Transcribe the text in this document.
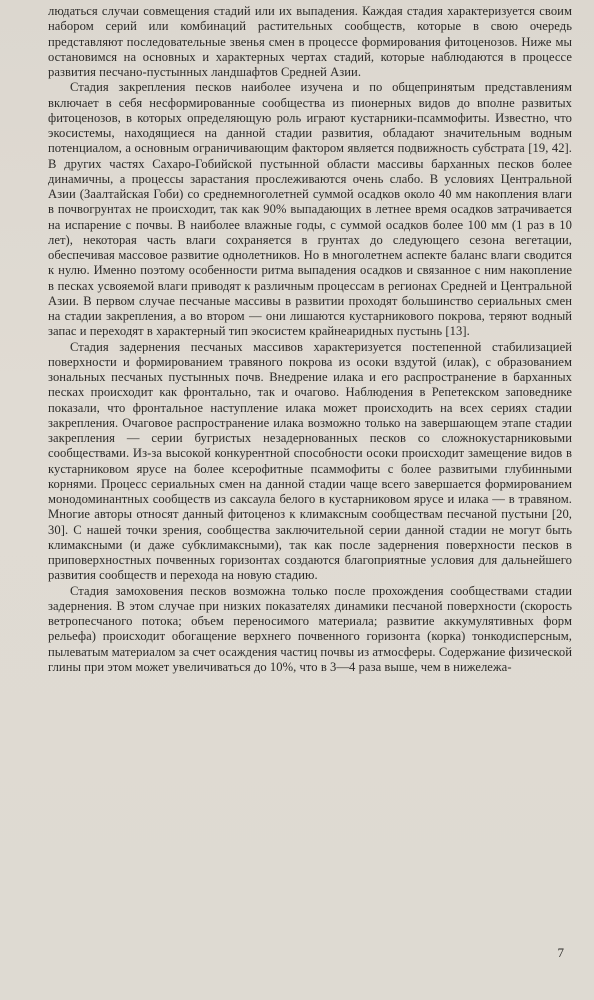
людаться случаи совмещения стадий или их выпадения. Каждая стадия характеризуется своим набором серий или комбинаций растительных сообществ, которые в свою очередь представляют последовательные звенья смен в процессе формирования фитоценозов. Ниже мы остановимся на основных и характерных чертах стадий, которые наблюдаются в процессе развития песчано-пустынных ландшафтов Средней Азии.

Стадия закрепления песков наиболее изучена и по общепринятым представлениям включает в себя несформированные сообщества из пионерных видов до вполне развитых фитоценозов, в которых определяющую роль играют кустарники-псаммофиты. Известно, что экосистемы, находящиеся на данной стадии развития, обладают значительным водным потенциалом, а основным ограничивающим фактором является подвижность субстрата [19, 42]. В других частях Сахаро-Гобийской пустынной области массивы барханных песков более динамичны, а процессы зарастания прослеживаются очень слабо. В условиях Центральной Азии (Заалтайская Гоби) со среднемноголетней суммой осадков около 40 мм накопления влаги в почвогрунтах не происходит, так как 90% выпадающих в летнее время осадков затрачивается на испарение с почвы. В наиболее влажные годы, с суммой осадков более 100 мм (1 раз в 10 лет), некоторая часть влаги сохраняется в грунтах до следующего сезона вегетации, обеспечивая массовое развитие однолетников. Но в многолетнем аспекте баланс влаги сводится к нулю. Именно поэтому особенности ритма выпадения осадков и связанное с ним накопление в песках усвояемой влаги приводят к различным процессам в регионах Средней и Центральной Азии. В первом случае песчаные массивы в развитии проходят большинство сериальных смен на стадии закрепления, а во втором — они лишаются кустарникового покрова, теряют водный запас и переходят в характерный тип экосистем крайнеаридных пустынь [13].

Стадия задернения песчаных массивов характеризуется постепенной стабилизацией поверхности и формированием травяного покрова из осоки вздутой (илак), с образованием зональных песчаных пустынных почв. Внедрение илака и его распространение в барханных песках происходит как фронтально, так и очагово. Наблюдения в Репетекском заповеднике показали, что фронтальное наступление илака может происходить на всех сериях стадии закрепления. Очаговое распространение илака возможно только на завершающем этапе стадии закрепления — серии бугристых незадернованных песков со сложнокустарниковыми сообществами. Из-за высокой конкурентной способности осоки происходит замещение видов в кустарниковом ярусе на более ксерофитные псаммофиты с более развитыми глубинными корнями. Процесс сериальных смен на данной стадии чаще всего завершается формированием монодоминантных сообществ из саксаула белого в кустарниковом ярусе и илака — в травяном. Многие авторы относят данный фитоценоз к климаксным сообществам песчаной пустыни [20, 30]. С нашей точки зрения, сообщества заключительной серии данной стадии не могут быть климаксными (и даже субклимаксными), так как после задернения поверхности песков в приповерхностных почвенных горизонтах создаются благоприятные условия для дальнейшего развития сообществ и перехода на новую стадию.

Стадия замоховения песков возможна только после прохождения сообществами стадии задернения. В этом случае при низких показателях динамики песчаной поверхности (скорость ветропесчаного потока; объем переносимого материала; развитие аккумулятивных форм рельефа) происходит обогащение верхнего почвенного горизонта (корка) тонкодисперсным, пылеватым материалом за счет осаждения частиц почвы из атмосферы. Содержание физической глины при этом может увеличиваться до 10%, что в 3—4 раза выше, чем в нижележа-

7
